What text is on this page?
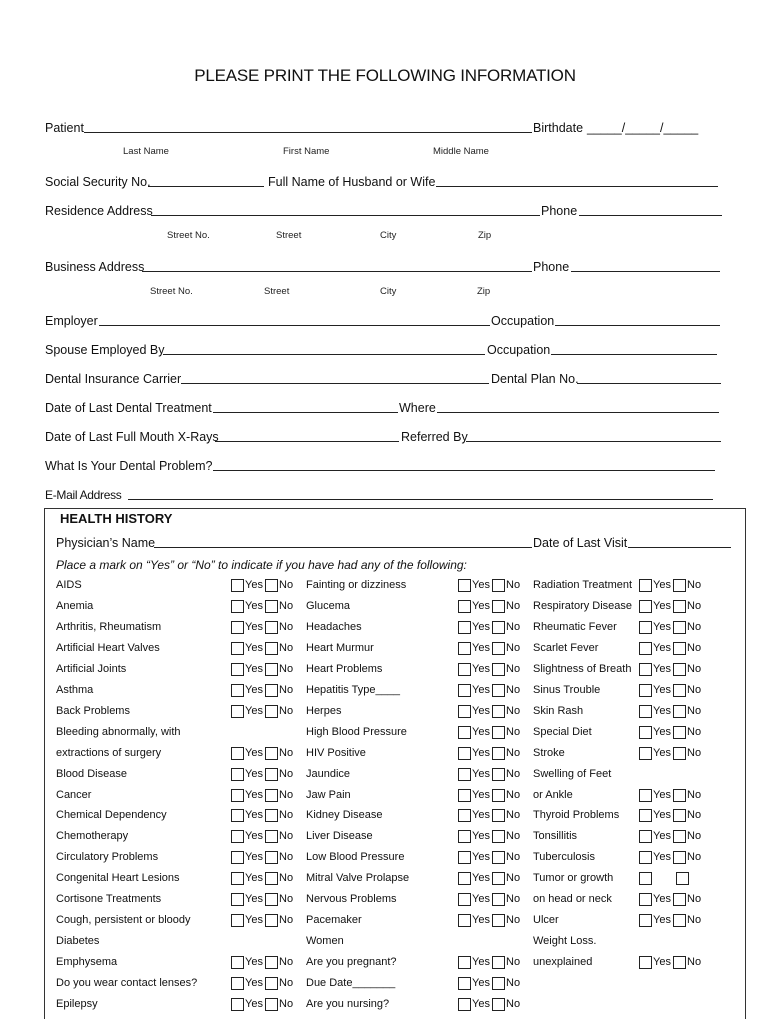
PLEASE PRINT THE FOLLOWING INFORMATION
Patient	Birthdate _____/_____/_____
Last Name	First Name	Middle Name
Social Security No.	Full Name of Husband or Wife
Residence Address	Phone
Street No.	Street	City	Zip
Business Address	Phone
Street No.	Street	City	Zip
Employer	Occupation
Spouse Employed By	Occupation
Dental Insurance Carrier	Dental Plan No.
Date of Last Dental Treatment	Where
Date of Last Full Mouth X-Rays	Referred By
What Is Your Dental Problem?
E-Mail Address
HEALTH HISTORY
Physician’s Name	Date of Last Visit
Place a mark on “Yes” or “No” to indicate if you have had any of the following:
AIDS	Yes No
Anemia	Yes No
Arthritis, Rheumatism	Yes No
Artificial Heart Valves	Yes No
Artificial Joints	Yes No
Asthma	Yes No
Back Problems	Yes No
Bleeding abnormally, with
extractions of surgery	Yes No
Blood Disease	Yes No
Cancer	Yes No
Chemical Dependency	Yes No
Chemotherapy	Yes No
Circulatory Problems	Yes No
Congenital Heart Lesions	Yes No
Cortisone Treatments	Yes No
Cough, persistent or bloody	Yes No
Diabetes
Emphysema	Yes No
Do you wear contact lenses?	Yes No
Epilepsy	Yes No
Fainting or dizziness	Yes No
Glucema	Yes No
Headaches	Yes No
Heart Murmur	Yes No
Heart Problems	Yes No
Hepatitis Type____	Yes No
Herpes	Yes No
High Blood Pressure	Yes No
HIV Positive	Yes No
Jaundice	Yes No
Jaw Pain	Yes No
Kidney Disease	Yes No
Liver Disease	Yes No
Low Blood Pressure	Yes No
Mitral Valve Prolapse	Yes No
Nervous Problems	Yes No
Pacemaker	Yes No
Women
Are you pregnant?	Yes No
Due Date_______	Yes No
Are you nursing?	Yes No
Radiation Treatment Yes No
Respiratory Disease Yes No
Rheumatic Fever	Yes No
Scarlet Fever	Yes No
Slightness of Breath Yes No
Sinus Trouble	Yes No
Skin Rash	Yes No
Special Diet	Yes No
Stroke	Yes No
Swelling of Feet
or Ankle	Yes No
Thyroid Problems	Yes No
Tonsillitis	Yes No
Tuberculosis	Yes No
Tumor or growth
on head or neck	Yes No
Ulcer	Yes No
Weight Loss.
unexplained	Yes No
